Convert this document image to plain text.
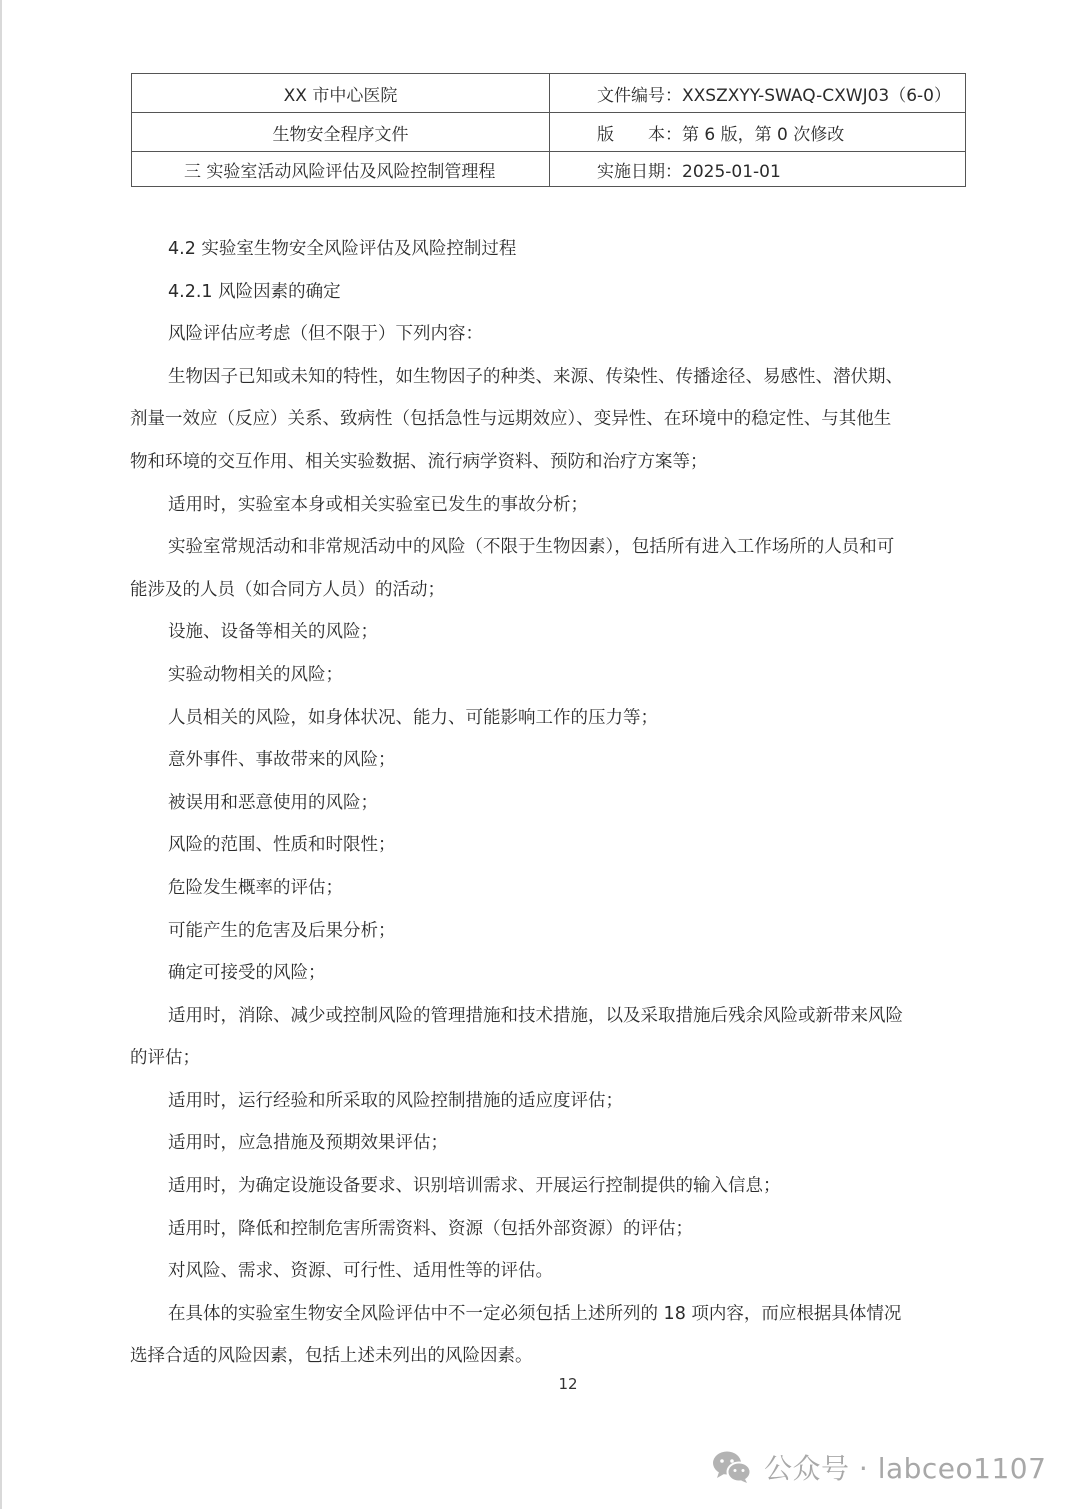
XX 市中心医院	文件编号：XXSZXYY-SWAQ-CXWJ03（6-0）
生物安全程序文件	版　　本：第 6 版，第 0 次修改
三 实验室活动风险评估及风险控制管理程	实施日期：2025-01-01

4.2 实验室生物安全风险评估及风险控制过程

4.2.1 风险因素的确定

风险评估应考虑（但不限于）下列内容：

生物因子已知或未知的特性，如生物因子的种类、来源、传染性、传播途径、易感性、潜伏期、

剂量一效应（反应）关系、致病性（包括急性与远期效应）、变异性、在环境中的稳定性、与其他生

物和环境的交互作用、相关实验数据、流行病学资料、预防和治疗方案等；

适用时，实验室本身或相关实验室已发生的事故分析；

实验室常规活动和非常规活动中的风险（不限于生物因素），包括所有进入工作场所的人员和可

能涉及的人员（如合同方人员）的活动；

设施、设备等相关的风险；

实验动物相关的风险；

人员相关的风险，如身体状况、能力、可能影响工作的压力等；

意外事件、事故带来的风险；

被误用和恶意使用的风险；

风险的范围、性质和时限性；

危险发生概率的评估；

可能产生的危害及后果分析；

确定可接受的风险；

适用时，消除、减少或控制风险的管理措施和技术措施，以及采取措施后残余风险或新带来风险

的评估；

适用时，运行经验和所采取的风险控制措施的适应度评估；

适用时，应急措施及预期效果评估；

适用时，为确定设施设备要求、识别培训需求、开展运行控制提供的输入信息；

适用时，降低和控制危害所需资料、资源（包括外部资源）的评估；

对风险、需求、资源、可行性、适用性等的评估。

在具体的实验室生物安全风险评估中不一定必须包括上述所列的 18 项内容，而应根据具体情况

选择合适的风险因素，包括上述未列出的风险因素。

12
公众号 · labceo1107
